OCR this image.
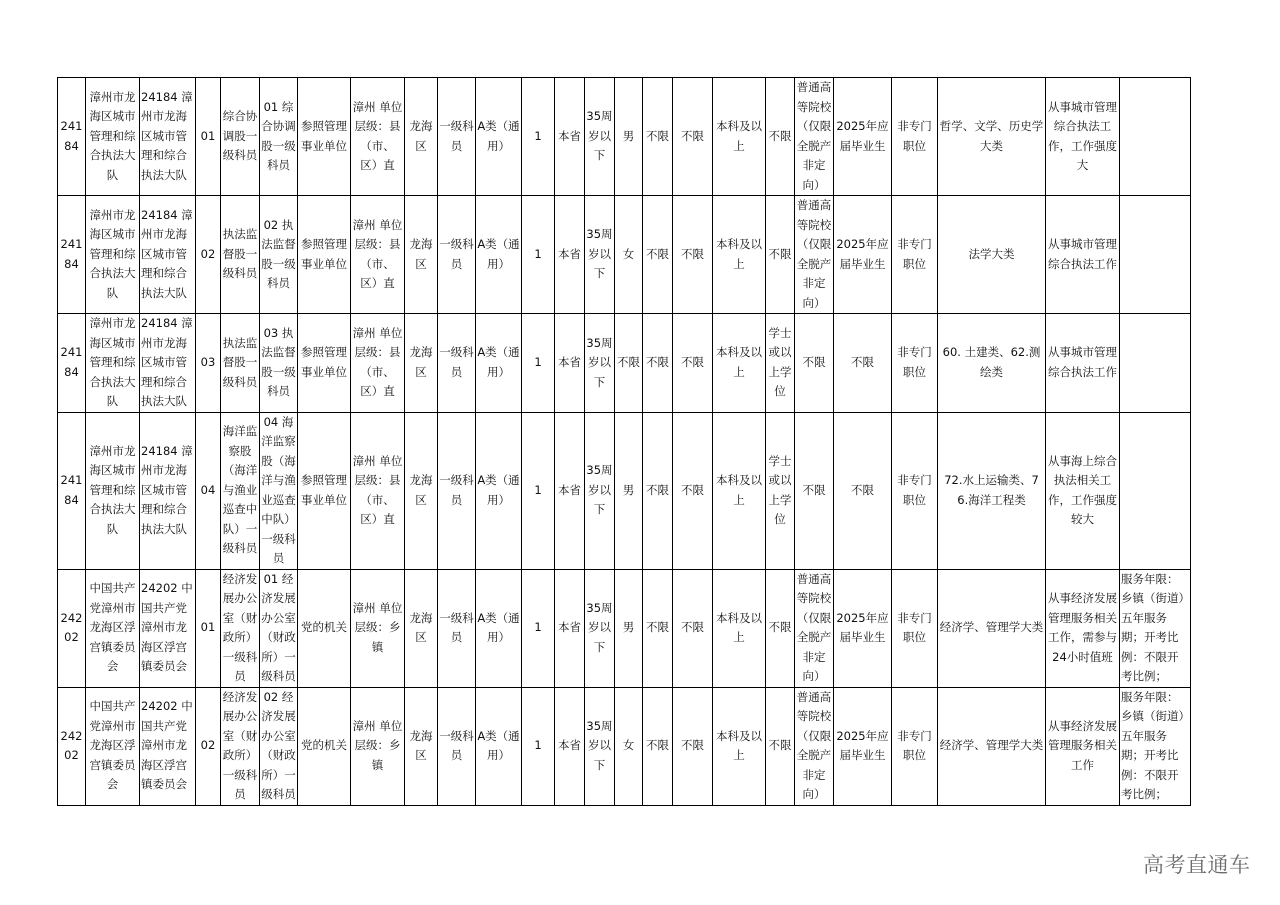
24184	漳州市龙海区城市管理和综合执法大队	24184 漳州市龙海区城市管理和综合执法大队	01	综合协调股一级科员	01 综合协调股一级科员	参照管理事业单位	漳州 单位层级：县（市、区）直	龙海区	一级科员	A类（通用）	1	本省	35周岁以下	男	不限	不限	本科及以上	不限	普通高等院校（仅限全脱产非定向）	2025年应届毕业生	非专门职位	哲学、文学、历史学大类	从事城市管理综合执法工作，工作强度大	
24184	漳州市龙海区城市管理和综合执法大队	24184 漳州市龙海区城市管理和综合执法大队	02	执法监督股一级科员	02 执法监督股一级科员	参照管理事业单位	漳州 单位层级：县（市、区）直	龙海区	一级科员	A类（通用）	1	本省	35周岁以下	女	不限	不限	本科及以上	不限	普通高等院校（仅限全脱产非定向）	2025年应届毕业生	非专门职位	法学大类	从事城市管理综合执法工作	
24184	漳州市龙海区城市管理和综合执法大队	24184 漳州市龙海区城市管理和综合执法大队	03	执法监督股一级科员	03 执法监督股一级科员	参照管理事业单位	漳州 单位层级：县（市、区）直	龙海区	一级科员	A类（通用）	1	本省	35周岁以下	不限	不限	不限	本科及以上	学士或以上学位	不限	不限	非专门职位	60. 土建类、62.测绘类	从事城市管理综合执法工作	
24184	漳州市龙海区城市管理和综合执法大队	24184 漳州市龙海区城市管理和综合执法大队	04	海洋监察股（海洋与渔业巡查中队）一级科员	04 海洋监察股（海洋与渔业巡查中队）一级科员	参照管理事业单位	漳州 单位层级：县（市、区）直	龙海区	一级科员	A类（通用）	1	本省	35周岁以下	男	不限	不限	本科及以上	学士或以上学位	不限	不限	非专门职位	72.水上运输类、76.海洋工程类	从事海上综合执法相关工作，工作强度较大	
24202	中国共产党漳州市龙海区浮宫镇委员会	24202 中国共产党漳州市龙海区浮宫镇委员会	01	经济发展办公室（财政所）一级科员	01 经济发展办公室（财政所）一级科员	党的机关	漳州 单位层级：乡镇	龙海区	一级科员	A类（通用）	1	本省	35周岁以下	男	不限	不限	本科及以上	不限	普通高等院校（仅限全脱产非定向）	2025年应届毕业生	非专门职位	经济学、管理学大类	从事经济发展管理服务相关工作，需参与24小时值班	服务年限：乡镇（街道）五年服务期；开考比例：不限开考比例；
24202	中国共产党漳州市龙海区浮宫镇委员会	24202 中国共产党漳州市龙海区浮宫镇委员会	02	经济发展办公室（财政所）一级科员	02 经济发展办公室（财政所）一级科员	党的机关	漳州 单位层级：乡镇	龙海区	一级科员	A类（通用）	1	本省	35周岁以下	女	不限	不限	本科及以上	不限	普通高等院校（仅限全脱产非定向）	2025年应届毕业生	非专门职位	经济学、管理学大类	从事经济发展管理服务相关工作	服务年限：乡镇（街道）五年服务期；开考比例：不限开考比例；
高考直通车
